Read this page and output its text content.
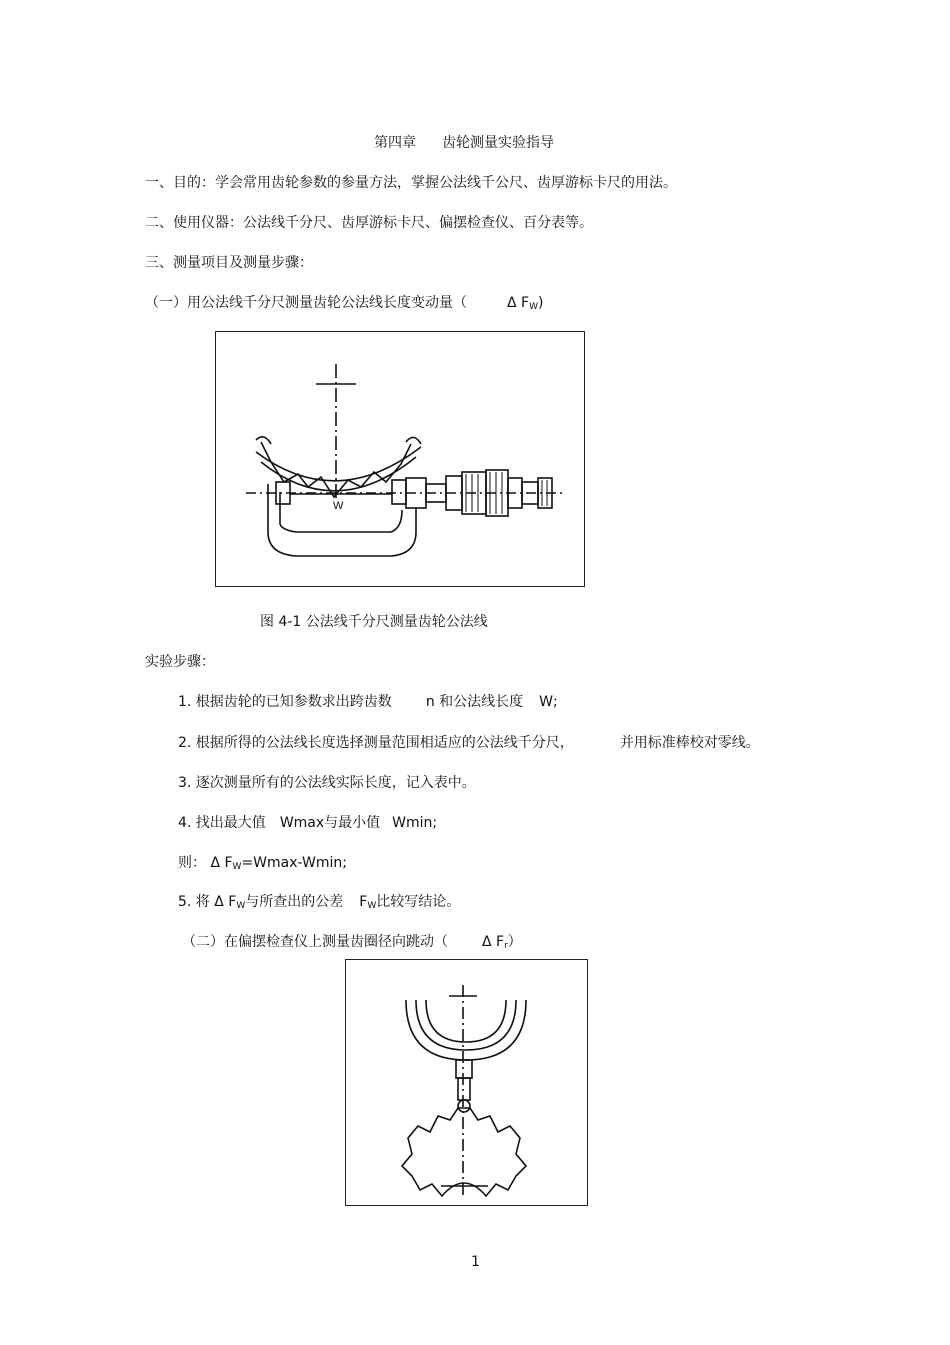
第四章 齿轮测量实验指导
一、目的：学会常用齿轮参数的参量方法，掌握公法线千公尺、齿厚游标卡尺的用法。
二、使用仪器：公法线千分尺、齿厚游标卡尺、偏摆检查仪、百分表等。
三、测量项目及测量步骤：
（一）用公法线千分尺测量齿轮公法线长度变动量（	Δ $F_W$)
W
图 4-1 公法线千分尺测量齿轮公法线
实验步骤：
1. 根据齿轮的已知参数求出跨齿数 n 和公法线长度 W;
2. 根据所得的公法线长度选择测量范围相适应的公法线千分尺，	并用标准棒校对零线。
3. 逐次测量所有的公法线实际长度，记入表中。
4. 找出最大值 Wmax与最小值 Wmin;
则： Δ $F_W=Wmax$-Wmin;
5. 将 Δ $F_W$与所查出的公差 $F_W$比较写结论。
（二）在偏摆检查仪上测量齿圈径向跳动（ Δ $F_r$）
1
